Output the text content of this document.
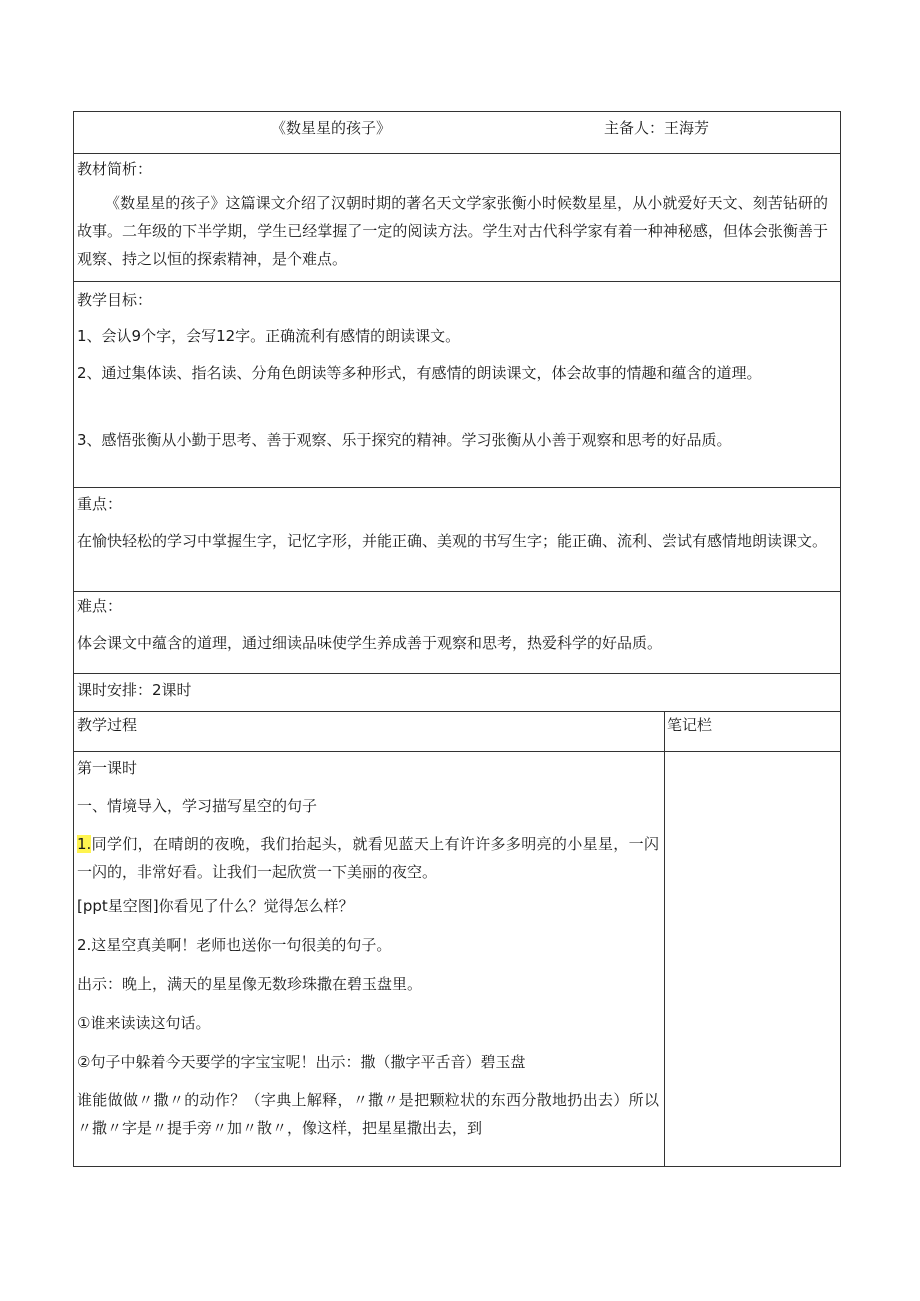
《数星星的孩子》	主备人：王海芳
教材简析：
《数星星的孩子》这篇课文介绍了汉朝时期的著名天文学家张衡小时候数星星，从小就爱好天文、刻苦钻研的故事。二年级的下半学期，学生已经掌握了一定的阅读方法。学生对古代科学家有着一种神秘感，但体会张衡善于观察、持之以恒的探索精神，是个难点。
教学目标：
1、会认9个字，会写12字。正确流利有感情的朗读课文。
2、通过集体读、指名读、分角色朗读等多种形式，有感情的朗读课文，体会故事的情趣和蕴含的道理。
3、感悟张衡从小勤于思考、善于观察、乐于探究的精神。学习张衡从小善于观察和思考的好品质。
重点：
在愉快轻松的学习中掌握生字，记忆字形，并能正确、美观的书写生字；能正确、流利、尝试有感情地朗读课文。
难点：
体会课文中蕴含的道理，通过细读品味使学生养成善于观察和思考，热爱科学的好品质。
课时安排：2课时
教学过程	笔记栏
第一课时
一、情境导入，学习描写星空的句子
1.同学们，在晴朗的夜晚，我们抬起头，就看见蓝天上有许许多多明亮的小星星，一闪一闪的，非常好看。让我们一起欣赏一下美丽的夜空。
[ppt星空图]你看见了什么？觉得怎么样？
2.这星空真美啊！老师也送你一句很美的句子。
出示：晚上，满天的星星像无数珍珠撒在碧玉盘里。
①谁来读读这句话。
②句子中躲着今天要学的字宝宝呢！出示：撒（撒字平舌音）碧玉盘
谁能做做〃撒〃的动作？（字典上解释，〃撒〃是把颗粒状的东西分散地扔出去）所以〃撒〃字是〃提手旁〃加〃散〃，像这样，把星星撒出去，到
